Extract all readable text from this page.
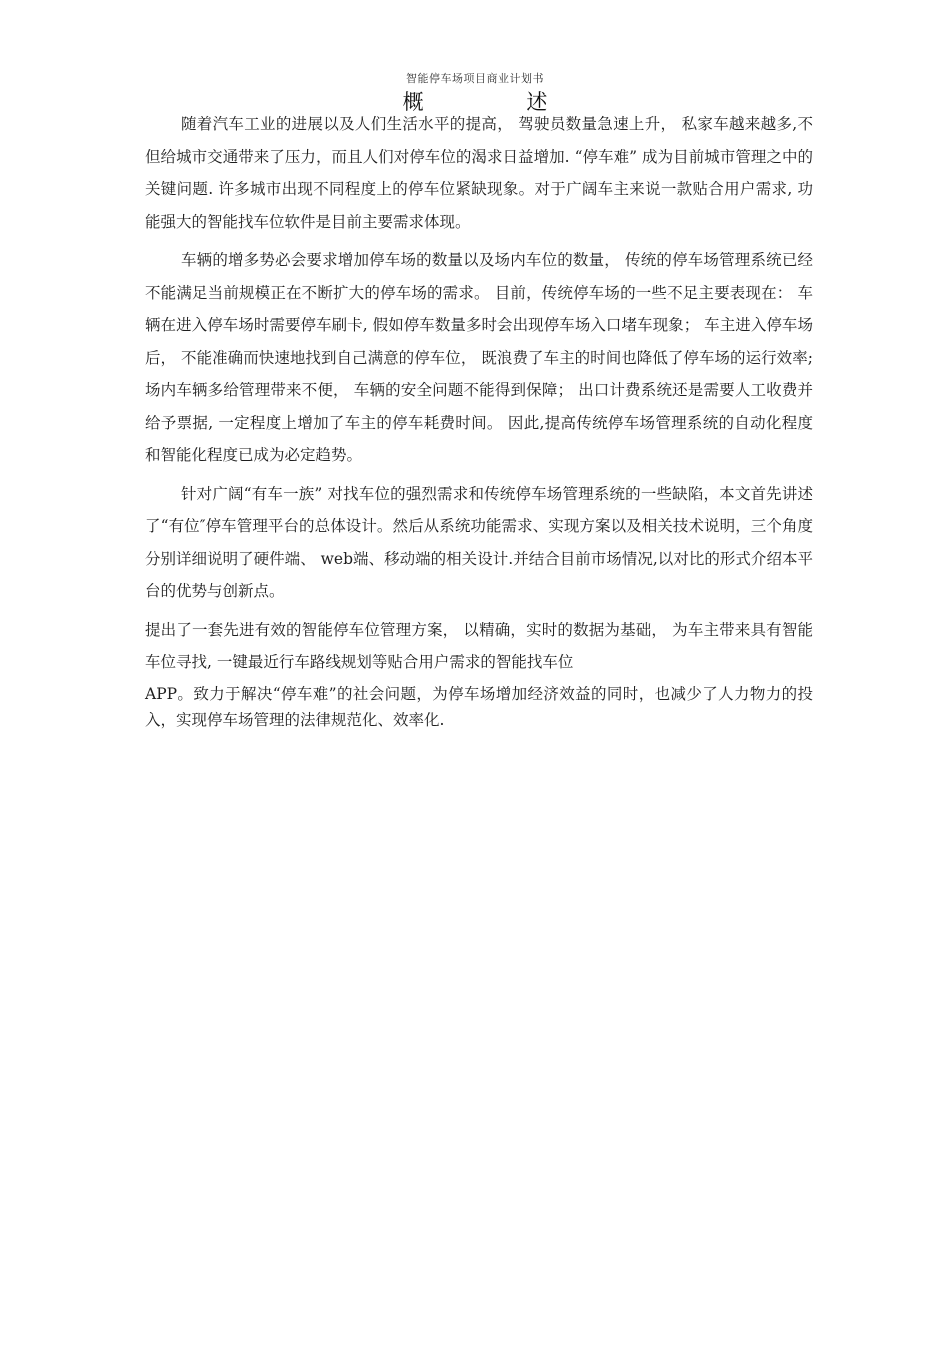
智能停车场项目商业计划书
概 述

随着汽车工业的进展以及人们生活水平的提高， 驾驶员数量急速上升， 私家车越来越多,不但给城市交通带来了压力，而且人们对停车位的渴求日益增加. “停车难” 成为目前城市管理之中的关键问题. 许多城市出现不同程度上的停车位紧缺现象。对于广阔车主来说一款贴合用户需求, 功能强大的智能找车位软件是目前主要需求体现。

车辆的增多势必会要求增加停车场的数量以及场内车位的数量， 传统的停车场管理系统已经不能满足当前规模正在不断扩大的停车场的需求。 目前，传统停车场的一些不足主要表现在： 车辆在进入停车场时需要停车刷卡, 假如停车数量多时会出现停车场入口堵车现象； 车主进入停车场后， 不能准确而快速地找到自己满意的停车位， 既浪费了车主的时间也降低了停车场的运行效率; 场内车辆多给管理带来不便， 车辆的安全问题不能得到保障； 出口计费系统还是需要人工收费并给予票据, 一定程度上增加了车主的停车耗费时间。 因此,提高传统停车场管理系统的自动化程度和智能化程度已成为必定趋势。

针对广阔“有车一族” 对找车位的强烈需求和传统停车场管理系统的一些缺陷，本文首先讲述了“有位″停车管理平台的总体设计。然后从系统功能需求、实现方案以及相关技术说明，三个角度分别详细说明了硬件端、 web端、移动端的相关设计.并结合目前市场情况,以对比的形式介绍本平台的优势与创新点。

提出了一套先进有效的智能停车位管理方案， 以精确，实时的数据为基础， 为车主带来具有智能车位寻找, 一键最近行车路线规划等贴合用户需求的智能找车位

APP。致力于解决“停车难”的社会问题，为停车场增加经济效益的同时，也减少了人力物力的投入，实现停车场管理的法律规范化、效率化.
